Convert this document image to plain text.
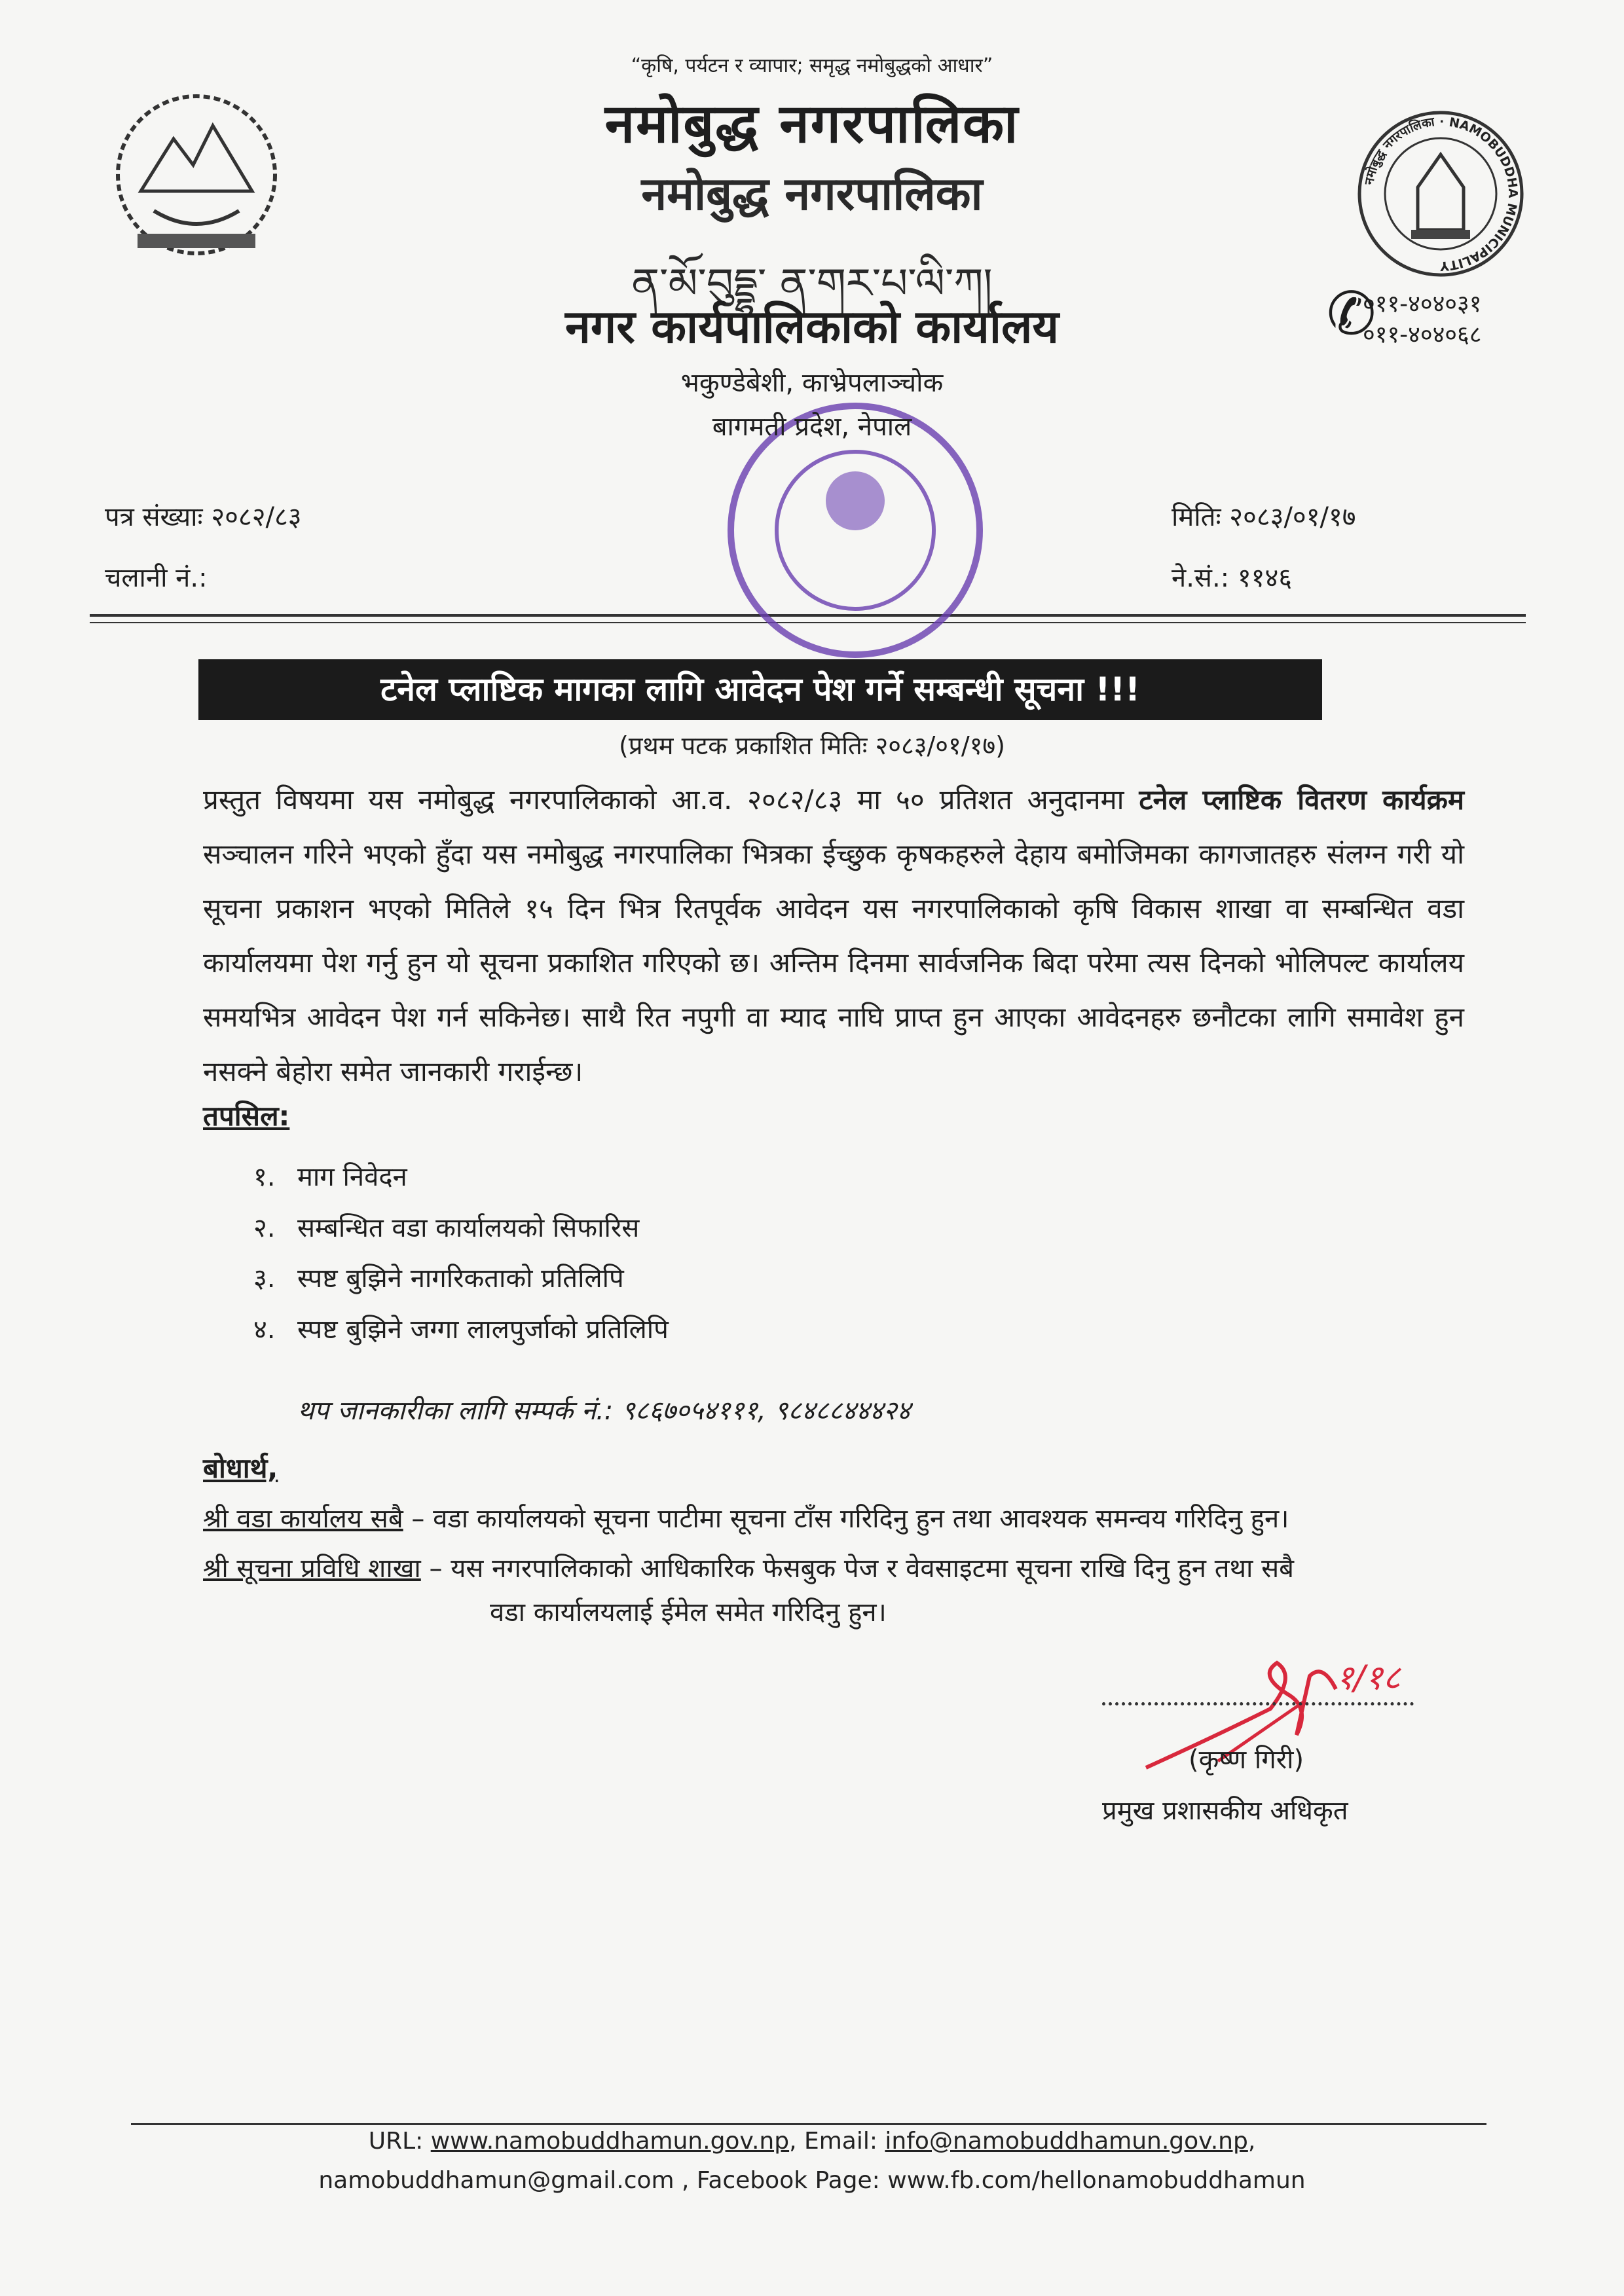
नमोबुद्ध नगरपालिका · NAMOBUDDHA MUNICIPALITY
✆
०११-४०४०३१
०११-४०४०६८
“कृषि, पर्यटन र व्यापार; समृद्ध नमोबुद्धको आधार”
नमोबुद्ध नगरपालिका
नमोबुद्ध नगरपालिका
ན་མོ་བུདྡྷ་ ན་གར་པ་ལི་ཀ།
नगर कार्यपालिकाको कार्यालय
भकुण्डेबेशी, काभ्रेपलाञ्चोक
बागमती प्रदेश, नेपाल
पत्र संख्याः २०८२/८३
चलानी नं.:
मितिः २०८३/०१/१७
ने.सं.: ११४६
टनेल प्लाष्टिक मागका लागि आवेदन पेश गर्ने सम्बन्धी सूचना !!!
(प्रथम पटक प्रकाशित मितिः २०८३/०१/१७)
प्रस्तुत विषयमा यस नमोबुद्ध नगरपालिकाको आ.व. २०८२/८३ मा ५० प्रतिशत अनुदानमा टनेल प्लाष्टिक वितरण कार्यक्रम सञ्चालन गरिने भएको हुँदा यस नमोबुद्ध नगरपालिका भित्रका ईच्छुक कृषकहरुले देहाय बमोजिमका कागजातहरु संलग्न गरी यो सूचना प्रकाशन भएको मितिले १५ दिन भित्र रितपूर्वक आवेदन यस नगरपालिकाको कृषि विकास शाखा वा सम्बन्धित वडा कार्यालयमा पेश गर्नु हुन यो सूचना प्रकाशित गरिएको छ। अन्तिम दिनमा सार्वजनिक बिदा परेमा त्यस दिनको भोलिपल्ट कार्यालय समयभित्र आवेदन पेश गर्न सकिनेछ। साथै रित नपुगी वा म्याद नाघि प्राप्त हुन आएका आवेदनहरु छनौटका लागि समावेश हुन नसक्ने बेहोरा समेत जानकारी गराईन्छ।
तपसिल:
१. माग निवेदन
२. सम्बन्धित वडा कार्यालयको सिफारिस
३. स्पष्ट बुझिने नागरिकताको प्रतिलिपि
४. स्पष्ट बुझिने जग्गा लालपुर्जाको प्रतिलिपि
थप जानकारीका लागि सम्पर्क नं.: ९८६७०५४१११, ९८४८८४४४२४
बोधार्थ,
श्री वडा कार्यालय सबै – वडा कार्यालयको सूचना पाटीमा सूचना टाँस गरिदिनु हुन तथा आवश्यक समन्वय गरिदिनु हुन।
श्री सूचना प्रविधि शाखा – यस नगरपालिकाको आधिकारिक फेसबुक पेज र वेवसाइटमा सूचना राखि दिनु हुन तथा सबै
वडा कार्यालयलाई ईमेल समेत गरिदिनु हुन।
१/१८
(कृष्ण गिरी)
प्रमुख प्रशासकीय अधिकृत
URL: www.namobuddhamun.gov.np, Email: info@namobuddhamun.gov.np,
namobuddhamun@gmail.com , Facebook Page: www.fb.com/hellonamobuddhamun
